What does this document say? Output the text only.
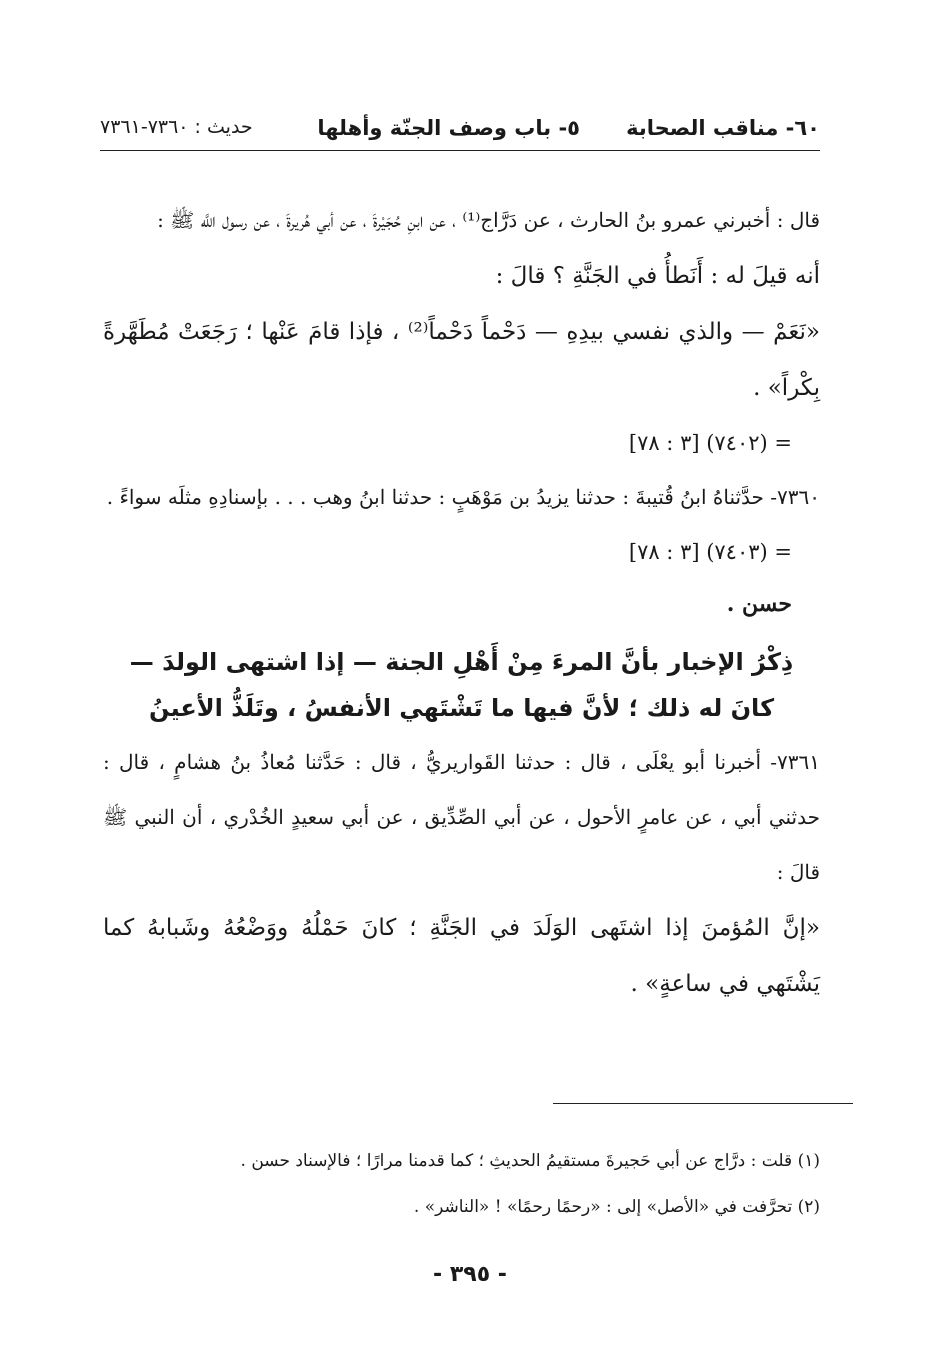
٦٠- مناقب الصحابة
٥- باب وصف الجنّة وأهلها
حديث : ٧٣٦٠-٧٣٦١

قال : أخبرني عمرو بنُ الحارث ، عن دَرَّاج⁽¹⁾ ، عن ابنِ حُجَيْرةَ ، عن أبي هُريرةَ ، عن رسول اللَّه ﷺ :

أنه قيلَ له : أَنَطأُ في الجَنَّةِ ؟ قالَ :

«نَعَمْ — والذي نفسي بيدِهِ — دَحْماً دَحْماً⁽²⁾ ، فإذا قامَ عَنْها ؛ رَجَعَتْ مُطَهَّرةً بِكْراً» .

= (٧٤٠٢) [٣ : ٧٨]

٧٣٦٠- حدَّثناهُ ابنُ قُتيبةَ : حدثنا يزيدُ بن مَوْهَبٍ : حدثنا ابنُ وهب . . . بإسنادِهِ مثلَه سواءً .

= (٧٤٠٣) [٣ : ٧٨]

حسن .

ذِكْرُ الإخبار بأنَّ المرءَ مِنْ أَهْلِ الجنة — إذا اشتهى الولدَ —
كانَ له ذلك ؛ لأنَّ فيها ما تَشْتَهي الأنفسُ ، وتَلَذُّ الأعينُ

٧٣٦١- أخبرنا أبو يعْلَى ، قال : حدثنا القَواريريُّ ، قال : حَدَّثنا مُعاذُ بنُ هشامٍ ، قال : حدثني أبي ، عن عامرٍ الأحول ، عن أبي الصِّدِّيق ، عن أبي سعيدٍ الخُدْري ، أن النبي ﷺ قالَ :

«إنَّ المُؤمنَ إذا اشتَهى الوَلَدَ في الجَنَّةِ ؛ كانَ حَمْلُهُ ووَضْعُهُ وشَبابهُ كما يَشْتَهي في ساعةٍ» .

(١) قلت : درَّاج عن أبي حَجيرةَ مستقيمُ الحديثِ ؛ كما قدمنا مرارًا ؛ فالإسناد حسن .

(٢) تحرَّفت في «الأصل» إلى : «رحمًا رحمًا» ! «الناشر» .

- ٣٩٥ -
